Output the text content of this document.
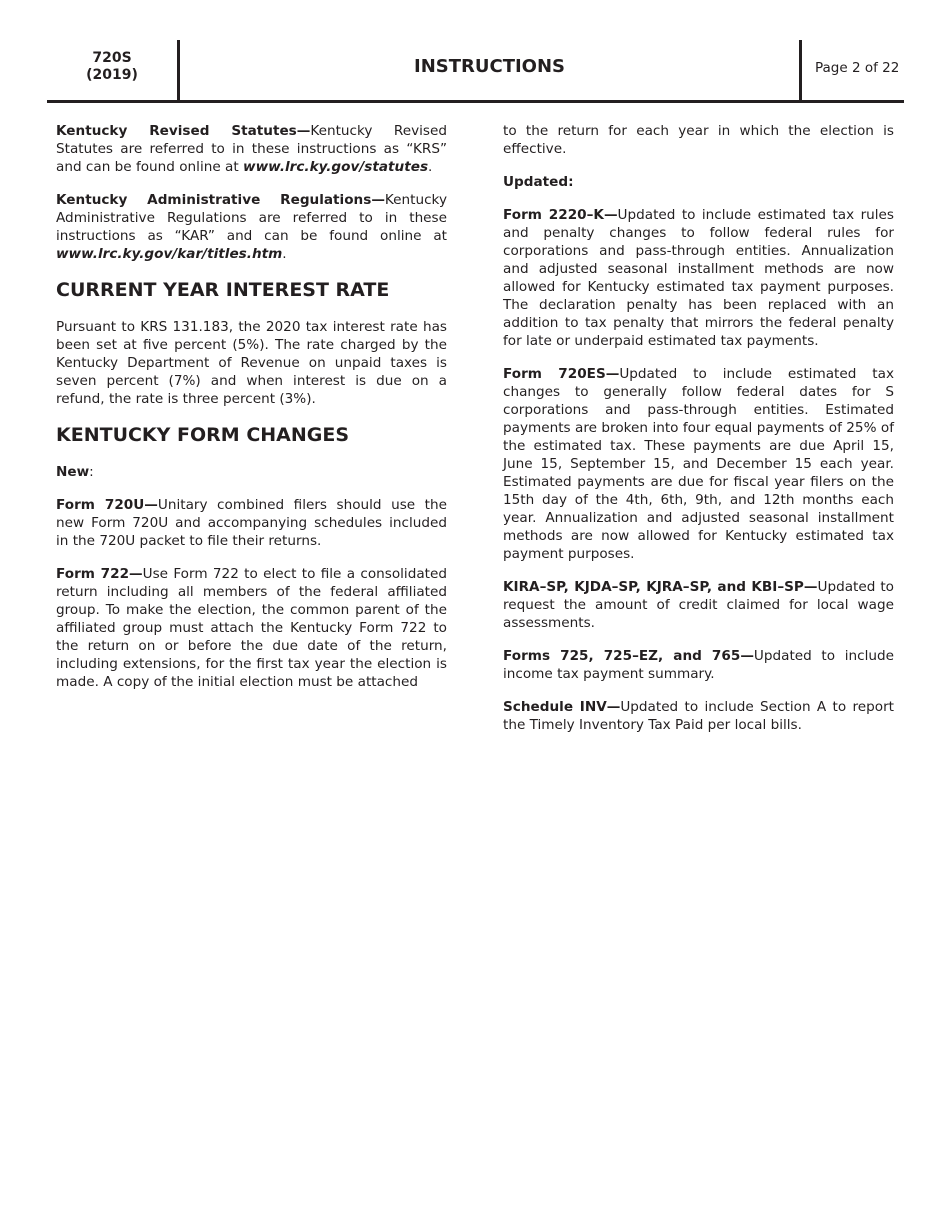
720S
(2019)	INSTRUCTIONS	Page 2 of 22

Kentucky Revised Statutes—Kentucky Revised Statutes are referred to in these instructions as “KRS” and can be found online at www.lrc.ky.gov/statutes.

Kentucky Administrative Regulations—Kentucky Administrative Regulations are referred to in these instructions as “KAR” and can be found online at www.lrc.ky.gov/kar/titles.htm.

CURRENT YEAR INTEREST RATE

Pursuant to KRS 131.183, the 2020 tax interest rate has been set at five percent (5%). The rate charged by the Kentucky Department of Revenue on unpaid taxes is seven percent (7%) and when interest is due on a refund, the rate is three percent (3%).

KENTUCKY FORM CHANGES
New:

Form 720U—Unitary combined filers should use the new Form 720U and accompanying schedules included in the 720U packet to file their returns.

Form 722—Use Form 722 to elect to file a consolidated return including all members of the federal affiliated group. To make the election, the common parent of the affiliated group must attach the Kentucky Form 722 to the return on or before the due date of the return, including extensions, for the first tax year the election is made. A copy of the initial election must be attached

to the return for each year in which the election is effective.

Updated:

Form 2220–K—Updated to include estimated tax rules and penalty changes to follow federal rules for corporations and pass-through entities. Annualization and adjusted seasonal installment methods are now allowed for Kentucky estimated tax payment purposes. The declaration penalty has been replaced with an addition to tax penalty that mirrors the federal penalty for late or underpaid estimated tax payments.

Form 720ES—Updated to include estimated tax changes to generally follow federal dates for S corporations and pass-through entities. Estimated payments are broken into four equal payments of 25% of the estimated tax. These payments are due April 15, June 15, September 15, and December 15 each year. Estimated payments are due for fiscal year filers on the 15th day of the 4th, 6th, 9th, and 12th months each year. Annualization and adjusted seasonal installment methods are now allowed for Kentucky estimated tax payment purposes.

KIRA–SP, KJDA–SP, KJRA–SP, and KBI–SP—Updated to request the amount of credit claimed for local wage assessments.

Forms 725, 725–EZ, and 765—Updated to include income tax payment summary.

Schedule INV—Updated to include Section A to report the Timely Inventory Tax Paid per local bills.
